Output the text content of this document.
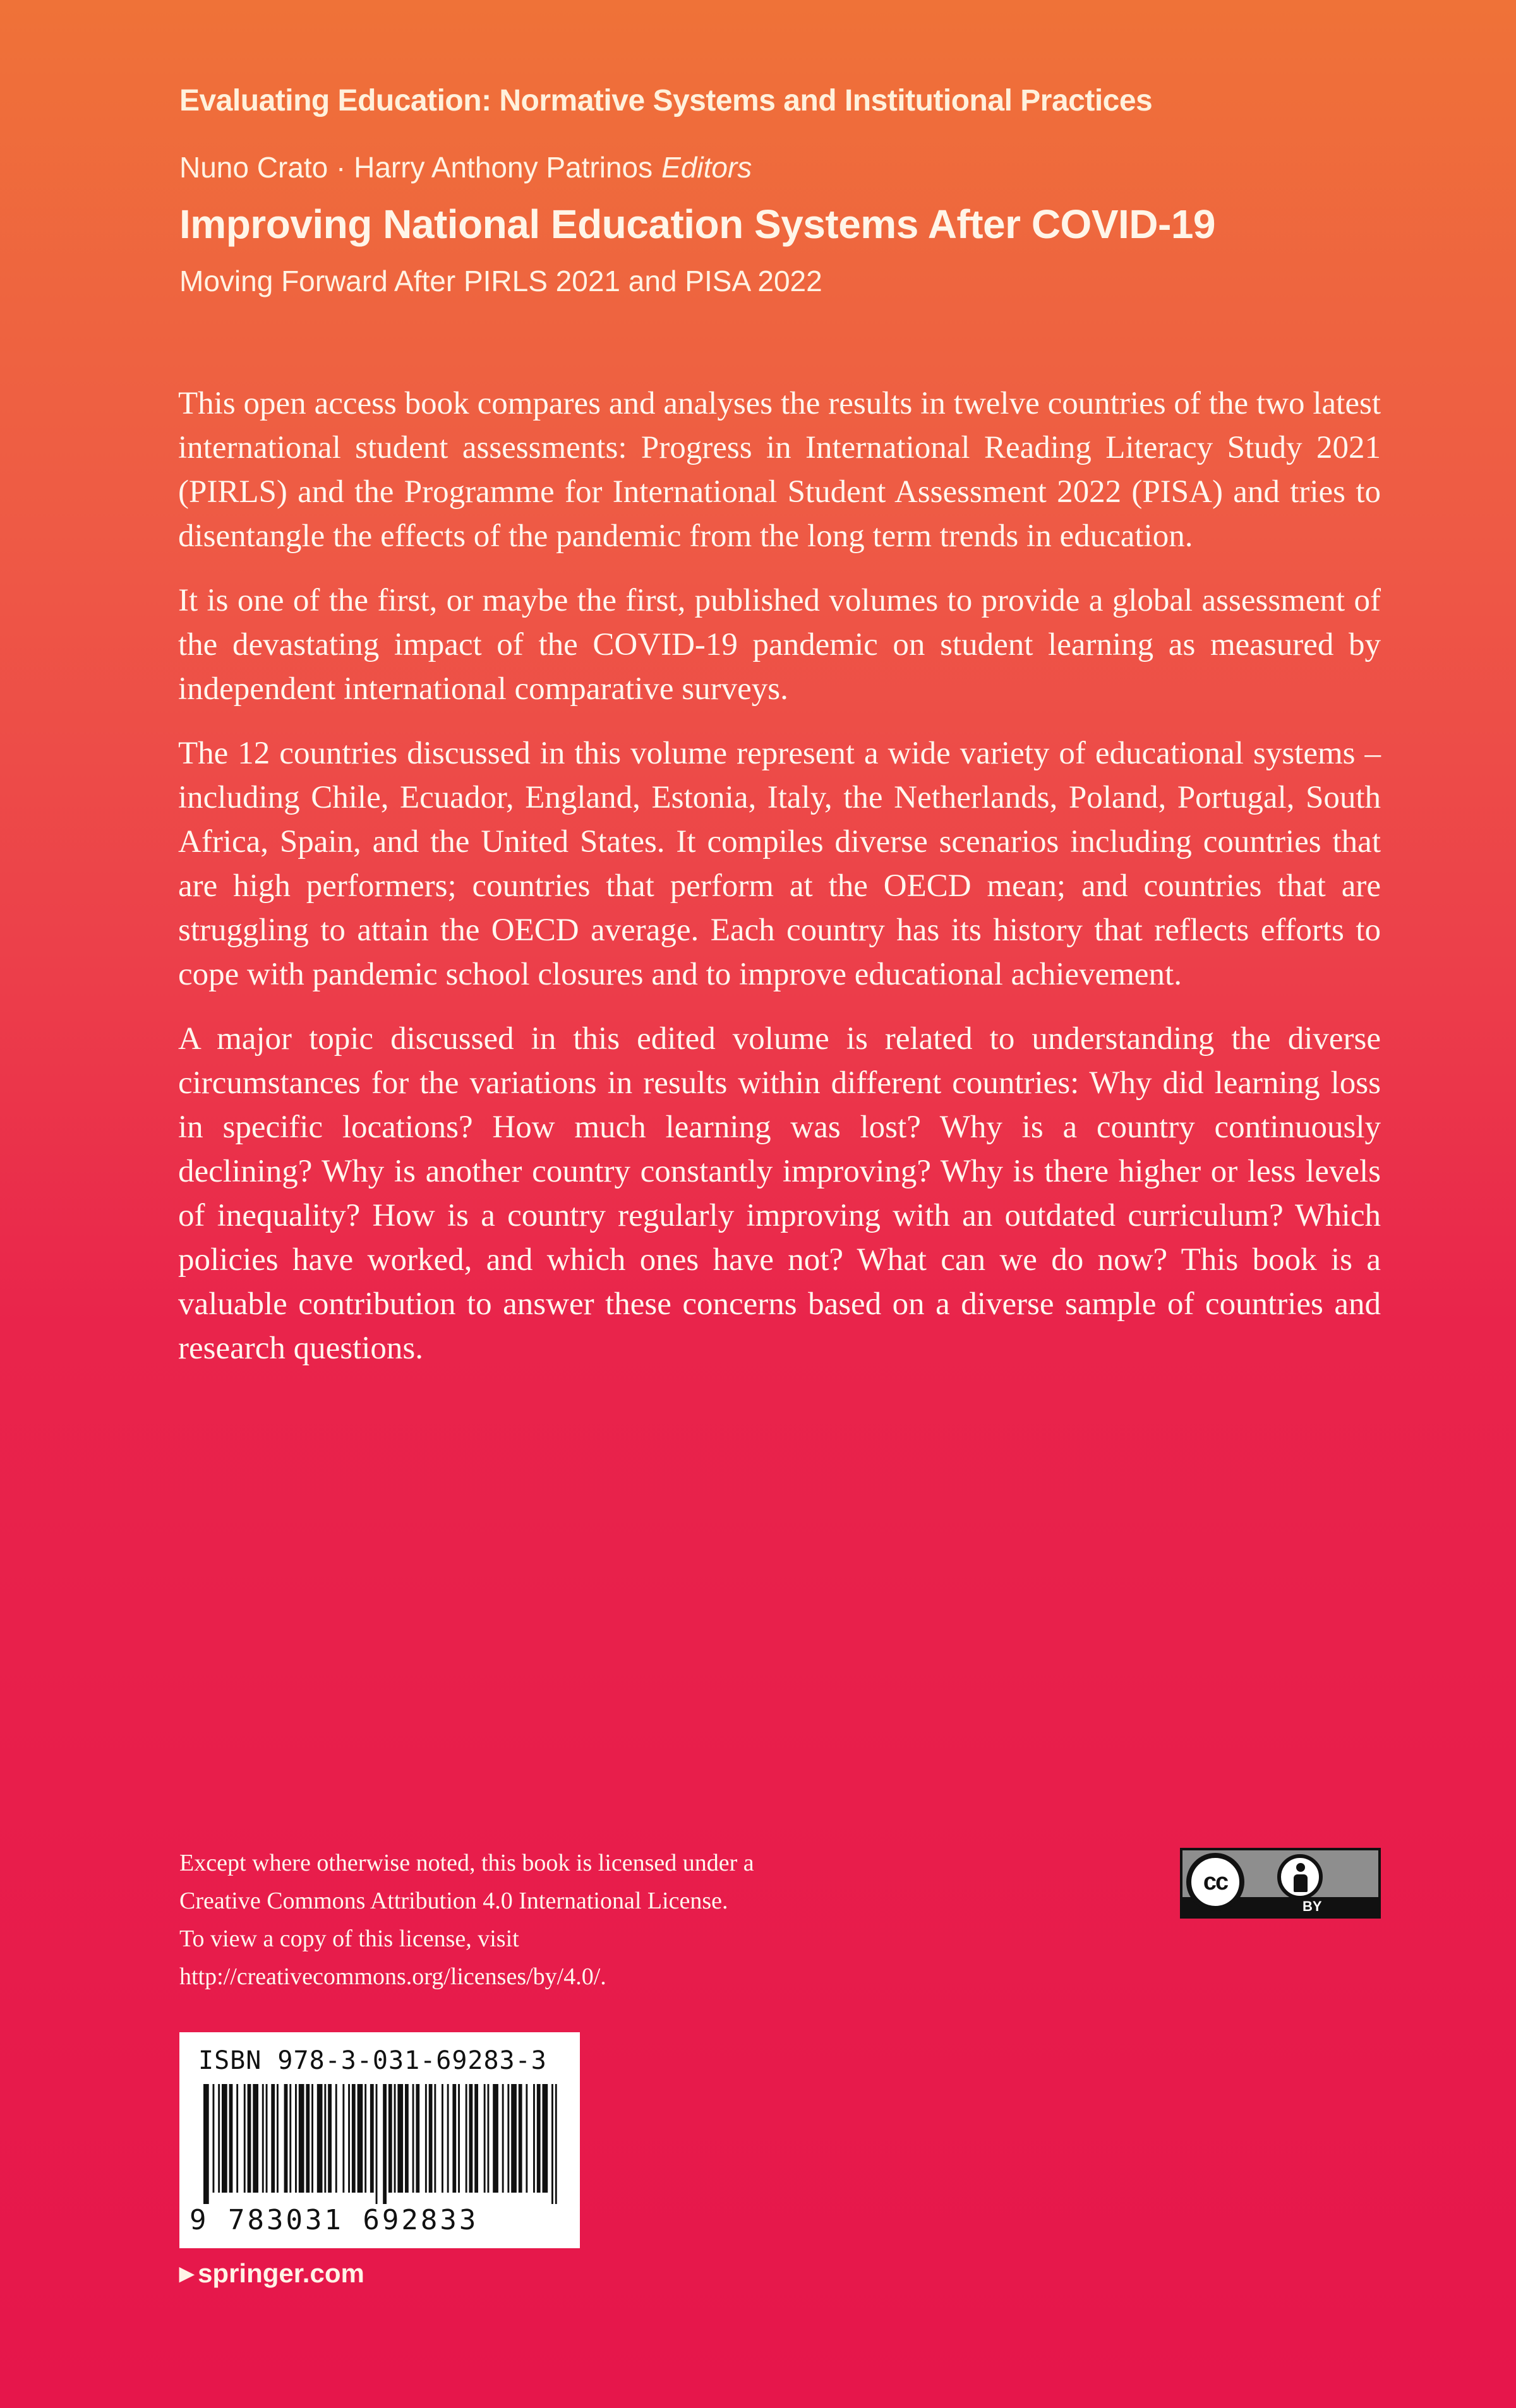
Evaluating Education: Normative Systems and Institutional Practices
Nuno Crato · Harry Anthony Patrinos Editors
Improving National Education Systems After COVID-19
Moving Forward After PIRLS 2021 and PISA 2022

This open access book compares and analyses the results in twelve countries of the two latest international student assessments: Progress in International Reading Literacy Study 2021 (PIRLS) and the Programme for International Student Assessment 2022 (PISA) and tries to disentangle the effects of the pandemic from the long term trends in education.

It is one of the first, or maybe the first, published volumes to provide a global assessment of the devastating impact of the COVID-19 pandemic on student learning as measured by independent international comparative surveys.

The 12 countries discussed in this volume represent a wide variety of educational systems – including Chile, Ecuador, England, Estonia, Italy, the Netherlands, Poland, Portugal, South Africa, Spain, and the United States. It compiles diverse scenarios including countries that are high performers; countries that perform at the OECD mean; and countries that are struggling to attain the OECD average. Each country has its history that reflects efforts to cope with pandemic school closures and to improve educational achievement.

A major topic discussed in this edited volume is related to understanding the diverse circumstances for the variations in results within different countries: Why did learning loss in specific locations? How much learning was lost? Why is a country continuously declining? Why is another country constantly improving? Why is there higher or less levels of inequality? How is a country regularly improving with an outdated curriculum? Which policies have worked, and which ones have not? What can we do now? This book is a valuable contribution to answer these concerns based on a diverse sample of countries and research questions.

Except where otherwise noted, this book is licensed under a
Creative Commons Attribution 4.0 International License.
To view a copy of this license, visit
http://creativecommons.org/licenses/by/4.0/.
cc
BY
ISBN 978-3-031-69283-3
9 783031 692833
▶ springer.com
